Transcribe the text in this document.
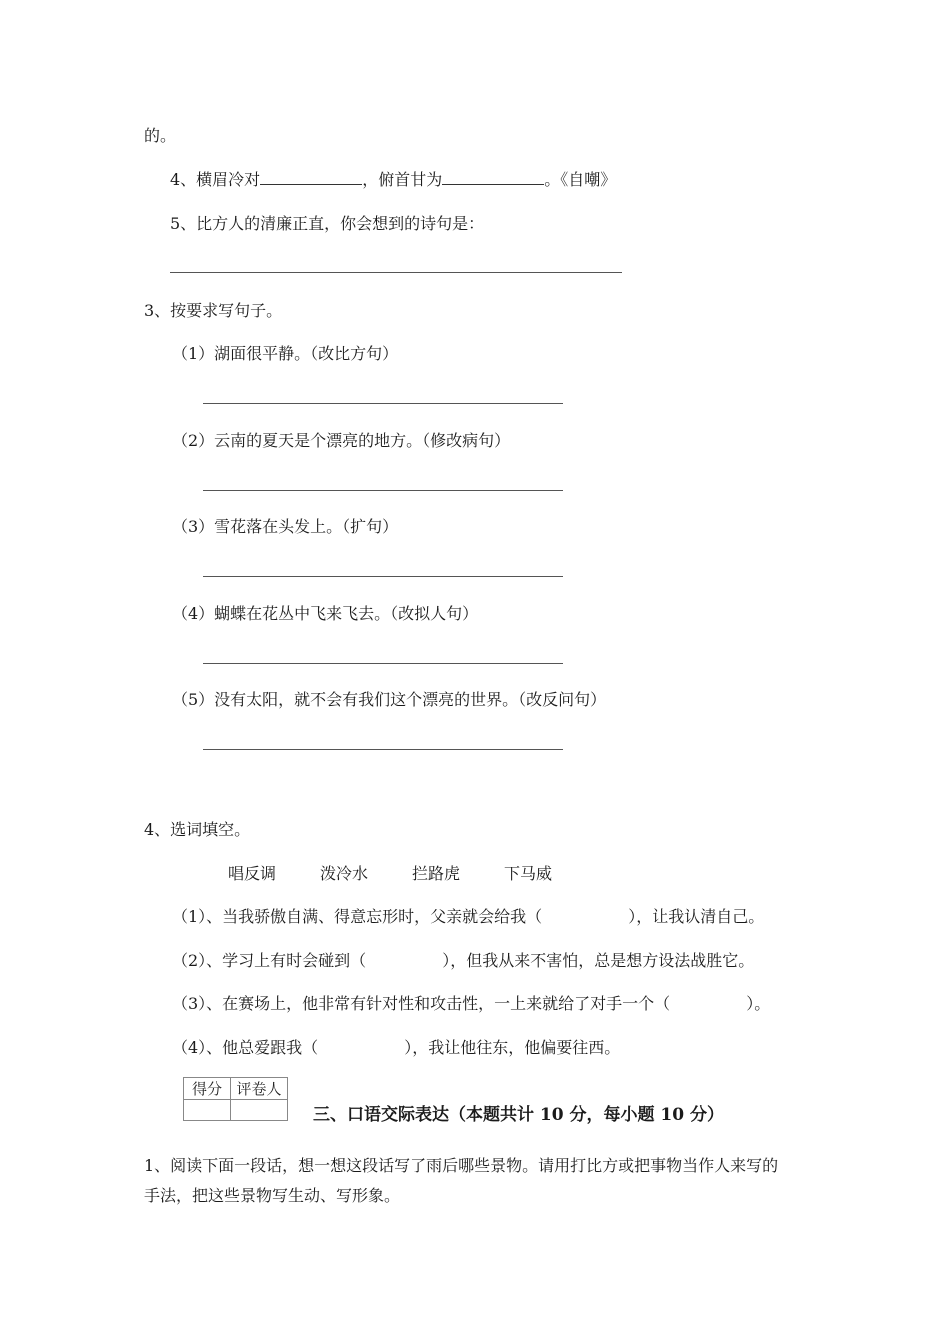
的。
4、横眉冷对	，俯首甘为	。《自嘲》
5、比方人的清廉正直，你会想到的诗句是：
3、按要求写句子。
（1）湖面很平静。（改比方句）
（2）云南的夏天是个漂亮的地方。（修改病句）
（3）雪花落在头发上。（扩句）
（4）蝴蝶在花丛中飞来飞去。（改拟人句）
（5）没有太阳，就不会有我们这个漂亮的世界。（改反问句）
4、选词填空。
唱反调	泼冷水	拦路虎	下马威
（1）、当我骄傲自满、得意忘形时，父亲就会给我（	），让我认清自己。
（2）、学习上有时会碰到（	），但我从来不害怕，总是想方设法战胜它。
（3）、在赛场上，他非常有针对性和攻击性，一上来就给了对手一个（	）。
（4）、他总爱跟我（	），我让他往东，他偏要往西。
得分	评卷人

三、口语交际表达（本题共计 10 分，每小题 10 分）
1、阅读下面一段话，想一想这段话写了雨后哪些景物。请用打比方或把事物当作人来写的
手法，把这些景物写生动、写形象。
